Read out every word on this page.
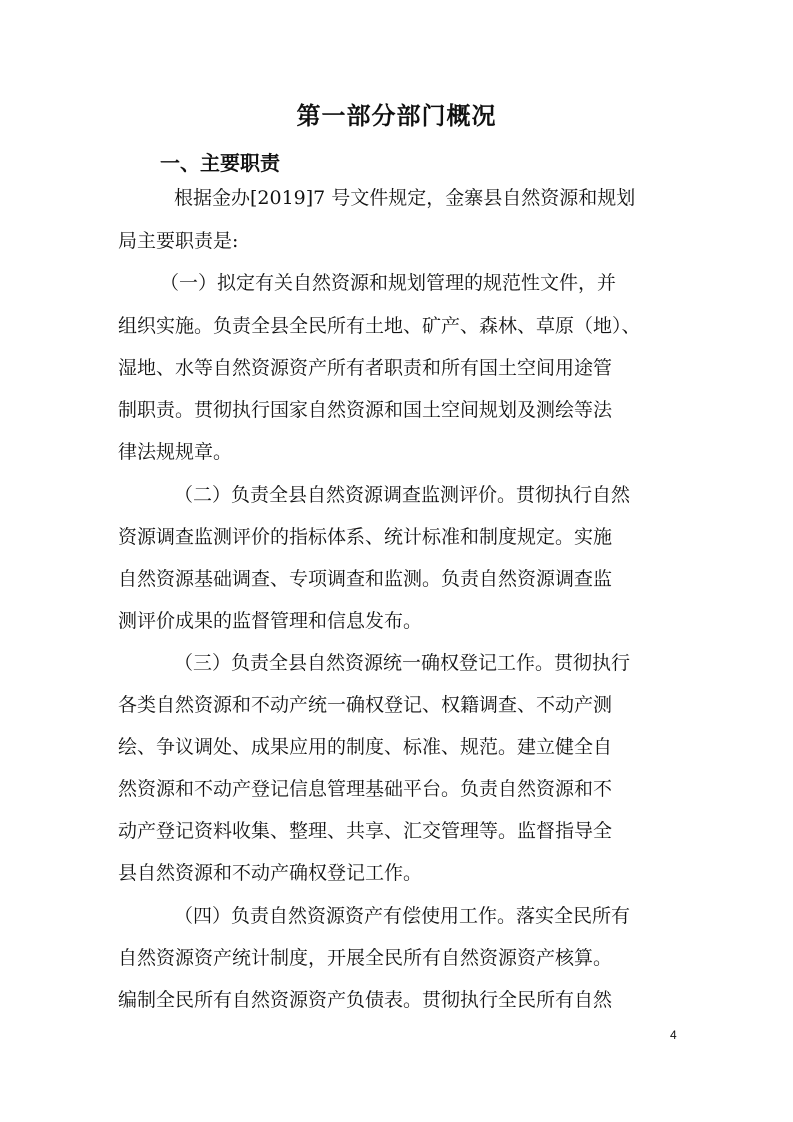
第一部分部门概况
一、主要职责
根据金办[2019]7 号文件规定，金寨县自然资源和规划
局主要职责是:
（一）拟定有关自然资源和规划管理的规范性文件，并
组织实施。负责全县全民所有土地、矿产、森林、草原（地）、
湿地、水等自然资源资产所有者职责和所有国土空间用途管
制职责。贯彻执行国家自然资源和国土空间规划及测绘等法
律法规规章。
（二）负责全县自然资源调查监测评价。贯彻执行自然
资源调查监测评价的指标体系、统计标准和制度规定。实施
自然资源基础调查、专项调查和监测。负责自然资源调查监
测评价成果的监督管理和信息发布。
（三）负责全县自然资源统一确权登记工作。贯彻执行
各类自然资源和不动产统一确权登记、权籍调查、不动产测
绘、争议调处、成果应用的制度、标准、规范。建立健全自
然资源和不动产登记信息管理基础平台。负责自然资源和不
动产登记资料收集、整理、共享、汇交管理等。监督指导全
县自然资源和不动产确权登记工作。
（四）负责自然资源资产有偿使用工作。落实全民所有
自然资源资产统计制度，开展全民所有自然资源资产核算。
编制全民所有自然资源资产负债表。贯彻执行全民所有自然
4
